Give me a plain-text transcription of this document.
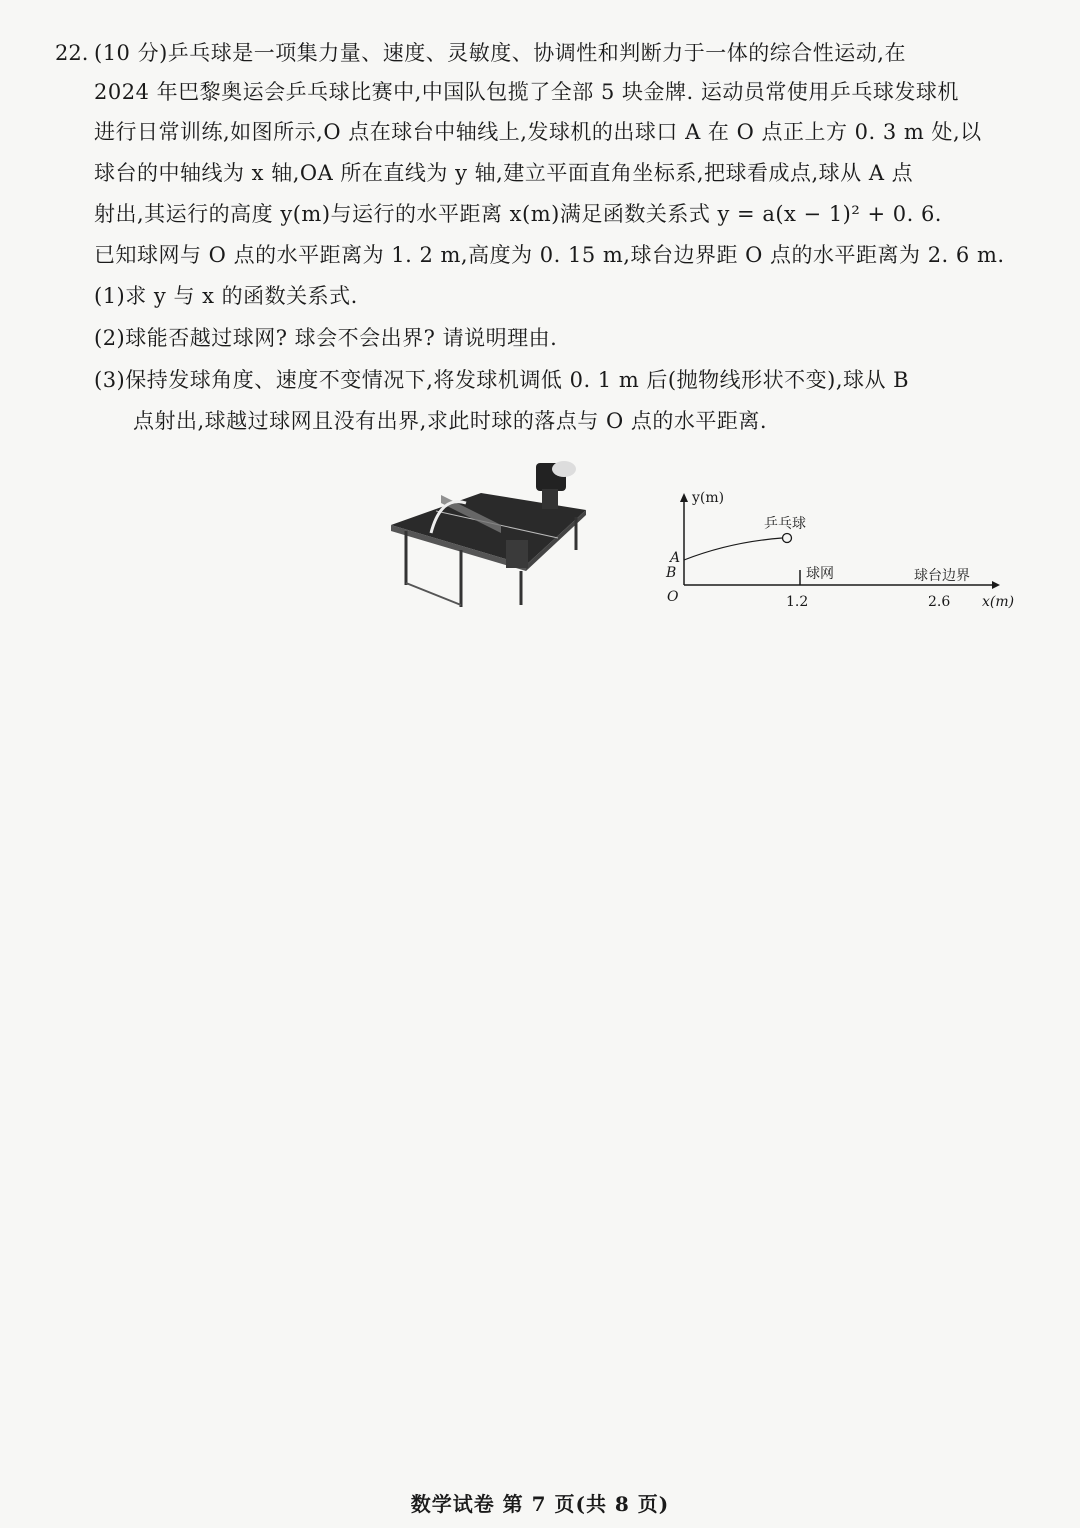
22. (10 分)乒乓球是一项集力量、速度、灵敏度、协调性和判断力于一体的综合性运动,在
2024 年巴黎奥运会乒乓球比赛中,中国队包揽了全部 5 块金牌. 运动员常使用乒乓球发球机
进行日常训练,如图所示,O 点在球台中轴线上,发球机的出球口 A 在 O 点正上方 0. 3 m 处,以
球台的中轴线为 x 轴,OA 所在直线为 y 轴,建立平面直角坐标系,把球看成点,球从 A 点
射出,其运行的高度 y(m)与运行的水平距离 x(m)满足函数关系式 y = a(x − 1)² + 0. 6.
已知球网与 O 点的水平距离为 1. 2 m,高度为 0. 15 m,球台边界距 O 点的水平距离为 2. 6 m.
(1)求 y 与 x 的函数关系式.
(2)球能否越过球网? 球会不会出界? 请说明理由.
(3)保持发球角度、速度不变情况下,将发球机调低 0. 1 m 后(抛物线形状不变),球从 B
点射出,球越过球网且没有出界,求此时球的落点与 O 点的水平距离.
y(m)
x(m)
O
A
B
乒乓球
球网
1.2
球台边界
2.6
数学试卷 第 7 页(共 8 页)
